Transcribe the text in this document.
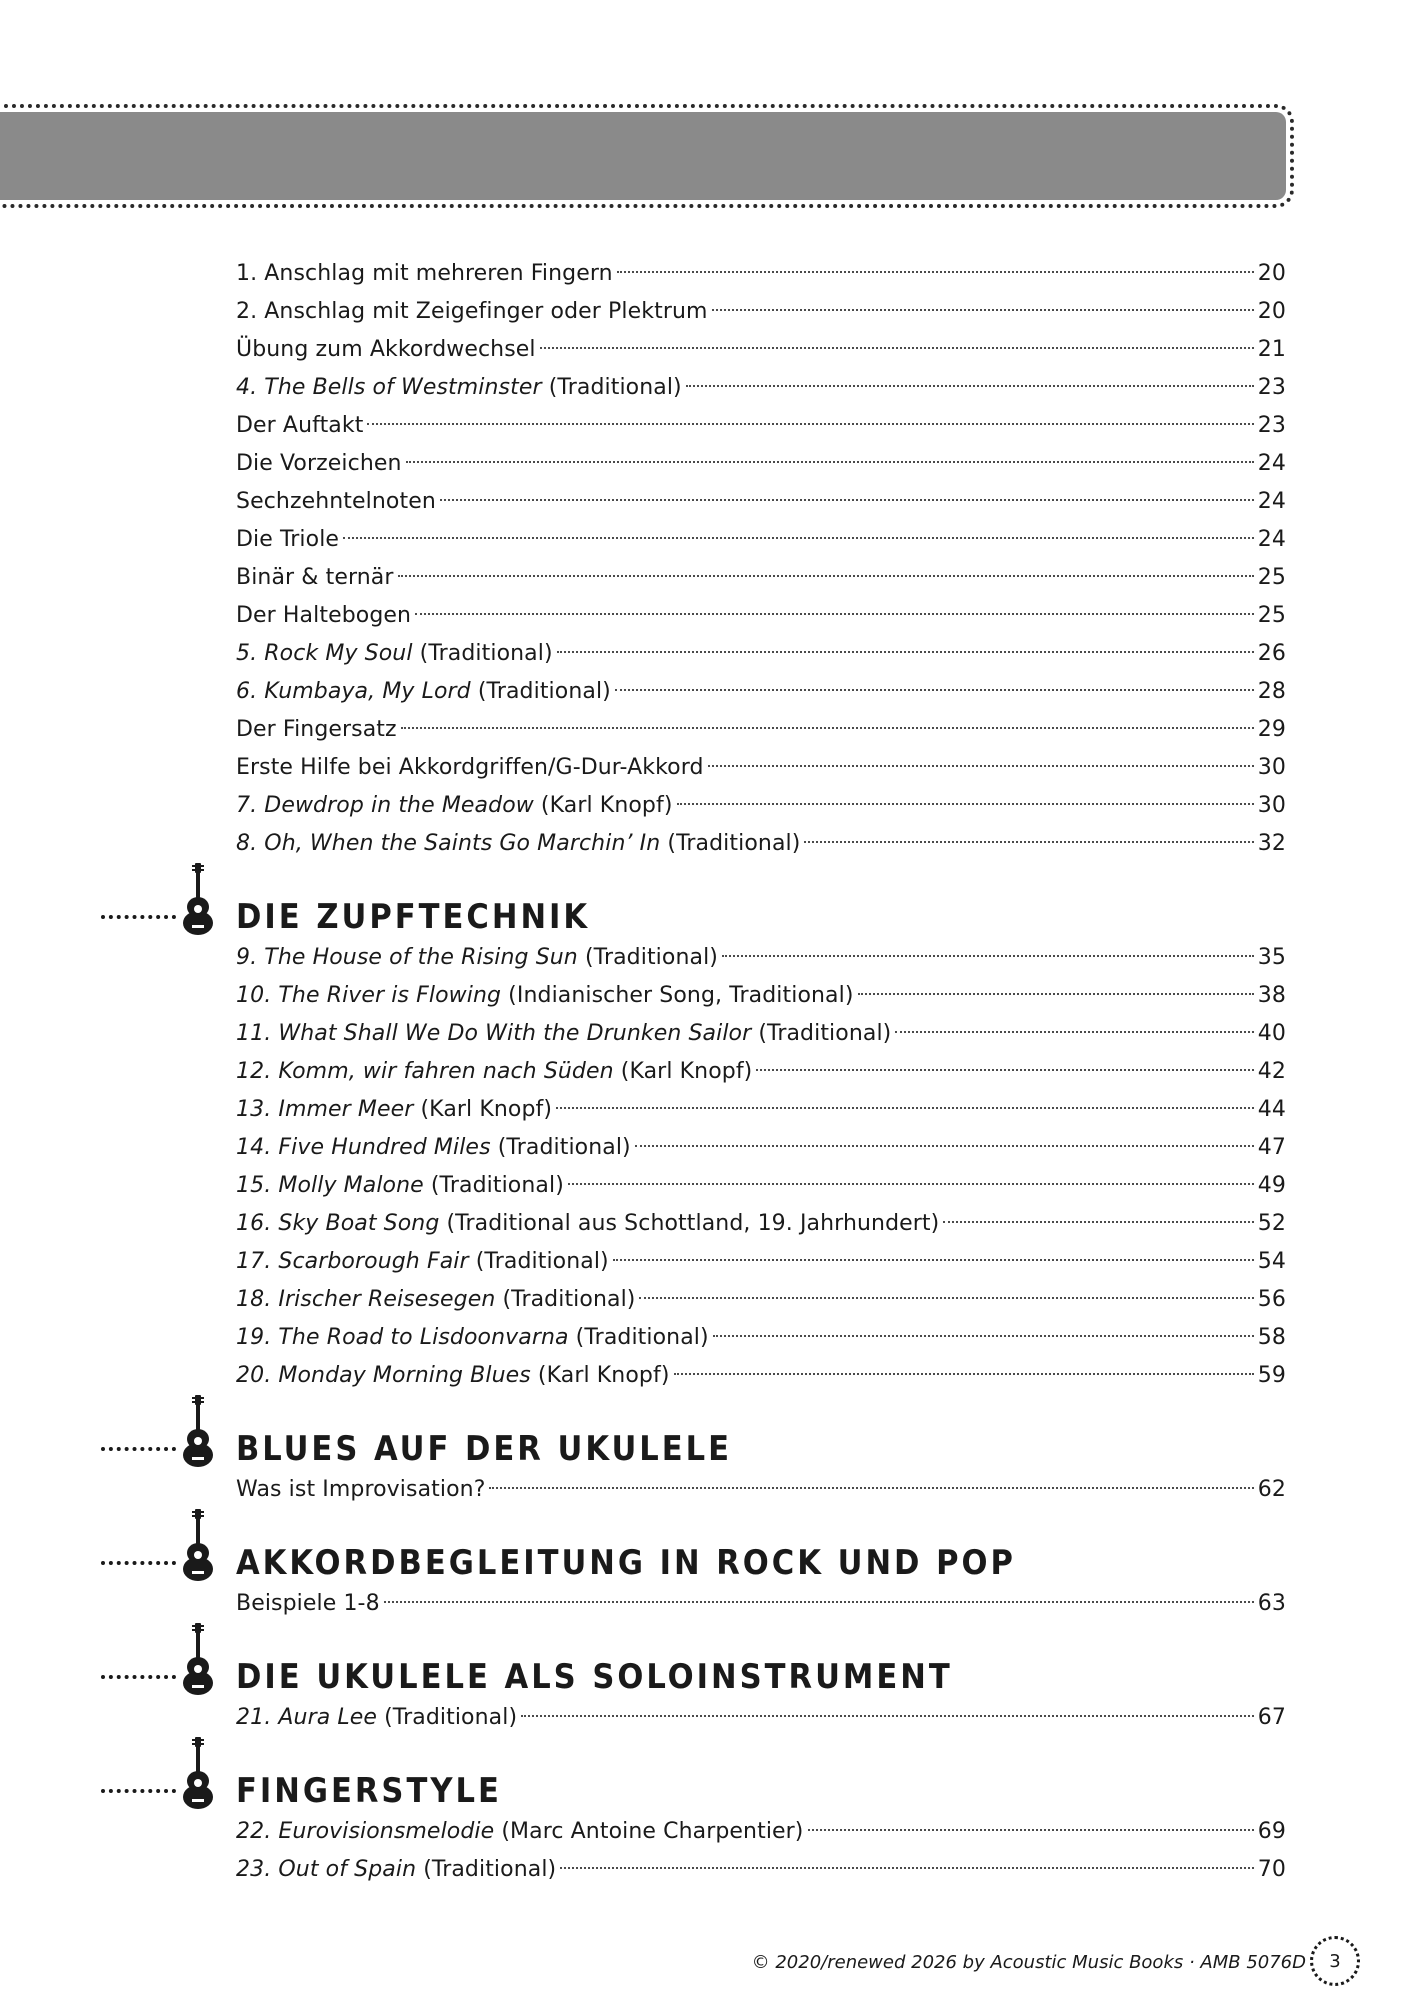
1. Anschlag mit mehreren Fingern	20
2. Anschlag mit Zeigefinger oder Plektrum	20
Übung zum Akkordwechsel	21
4. The Bells of Westminster (Traditional)	23
Der Auftakt	23
Die Vorzeichen	24
Sechzehntelnoten	24
Die Triole	24
Binär & ternär	25
Der Haltebogen	25
5. Rock My Soul (Traditional)	26
6. Kumbaya, My Lord (Traditional)	28
Der Fingersatz	29
Erste Hilfe bei Akkordgriffen/G-Dur-Akkord	30
7. Dewdrop in the Meadow (Karl Knopf)	30
8. Oh, When the Saints Go Marchin’ In (Traditional)	32
DIE ZUPFTECHNIK
9. The House of the Rising Sun (Traditional)	35
10. The River is Flowing (Indianischer Song, Traditional)	38
11. What Shall We Do With the Drunken Sailor (Traditional)	40
12. Komm, wir fahren nach Süden (Karl Knopf)	42
13. Immer Meer (Karl Knopf)	44
14. Five Hundred Miles (Traditional)	47
15. Molly Malone (Traditional)	49
16. Sky Boat Song (Traditional aus Schottland, 19. Jahrhundert)	52
17. Scarborough Fair (Traditional)	54
18. Irischer Reisesegen (Traditional)	56
19. The Road to Lisdoonvarna (Traditional)	58
20. Monday Morning Blues (Karl Knopf)	59
BLUES AUF DER UKULELE
Was ist Improvisation?	62
AKKORDBEGLEITUNG IN ROCK UND POP
Beispiele 1-8	63
DIE UKULELE ALS SOLOINSTRUMENT
21. Aura Lee (Traditional)	67
FINGERSTYLE
22. Eurovisionsmelodie (Marc Antoine Charpentier)	69
23. Out of Spain (Traditional)	70
© 2020/renewed 2026 by Acoustic Music Books · AMB 5076D 3
